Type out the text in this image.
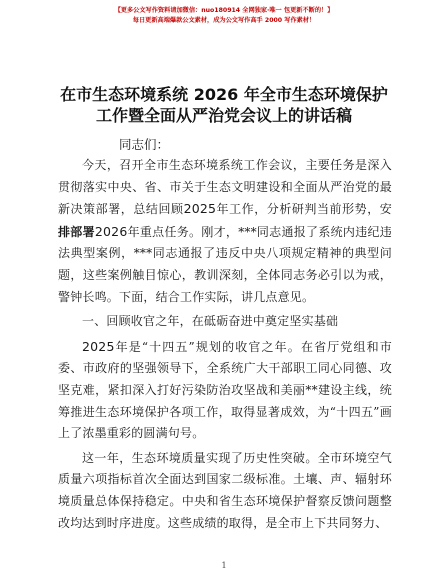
【更多公文写作资料请加微信：nuo180914 全网独家·唯一 包更新不断的！】
每日更新高端爆款公文素材，成为公文写作高手 2000 写作素材！
在市生态环境系统 2026 年全市生态环境保护工作暨全面从严治党会议上的讲话稿
同志们：

今天，召开全市生态环境系统工作会议，主要任务是深入贯彻落实中央、省、市关于生态文明建设和全面从严治党的最新决策部署，总结回顾2025年工作，分析研判当前形势，安排部署2026年重点任务。刚才，***同志通报了系统内违纪违法典型案例，***同志通报了违反中央八项规定精神的典型问题，这些案例触目惊心，教训深刻，全体同志务必引以为戒，警钟长鸣。下面，结合工作实际，讲几点意见。

一、回顾收官之年，在砥砺奋进中奠定坚实基础

2025年是“十四五”规划的收官之年。在省厅党组和市委、市政府的坚强领导下，全系统广大干部职工同心同德、攻坚克难，紧扣深入打好污染防治攻坚战和美丽**建设主线，统筹推进生态环境保护各项工作，取得显著成效，为“十四五”画上了浓墨重彩的圆满句号。

这一年，生态环境质量实现了历史性突破。全市环境空气质量六项指标首次全面达到国家二级标准。土壤、声、辐射环境质量总体保持稳定。中央和省生态环境保护督察反馈问题整改均达到时序进度。这些成绩的取得，是全市上下共同努力、

1
